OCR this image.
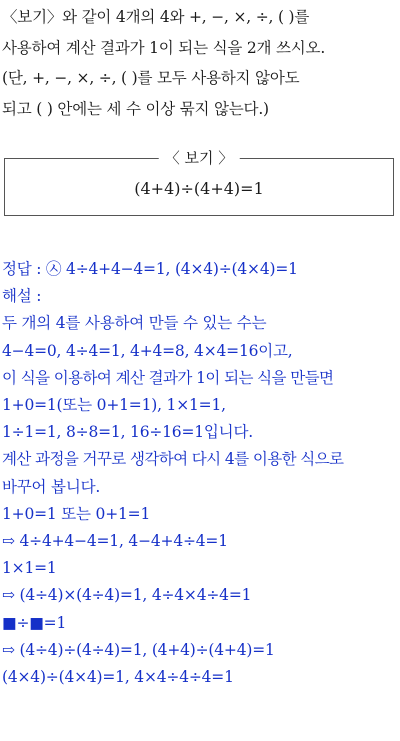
〈보기〉와 같이 4개의 4와 +, −, ×, ÷, ( )를
사용하여 계산 결과가 1이 되는 식을 2개 쓰시오.
(단, +, −, ×, ÷, ( )를 모두 사용하지 않아도
되고 ( ) 안에는 세 수 이상 묶지 않는다.)
〈 보기 〉
(4+4)÷(4+4)=1
정답 : ㉦ 4÷4+4−4=1, (4×4)÷(4×4)=1
해설 :
두 개의 4를 사용하여 만들 수 있는 수는
4−4=0, 4÷4=1, 4+4=8, 4×4=16이고,
이 식을 이용하여 계산 결과가 1이 되는 식을 만들면
1+0=1(또는 0+1=1), 1×1=1,
1÷1=1, 8÷8=1, 16÷16=1입니다.
계산 과정을 거꾸로 생각하여 다시 4를 이용한 식으로
바꾸어 봅니다.
1+0=1 또는 0+1=1
⇨ 4÷4+4−4=1, 4−4+4÷4=1
1×1=1
⇨ (4÷4)×(4÷4)=1, 4÷4×4÷4=1
■÷■=1
⇨ (4÷4)÷(4÷4)=1, (4+4)÷(4+4)=1
(4×4)÷(4×4)=1, 4×4÷4÷4=1
